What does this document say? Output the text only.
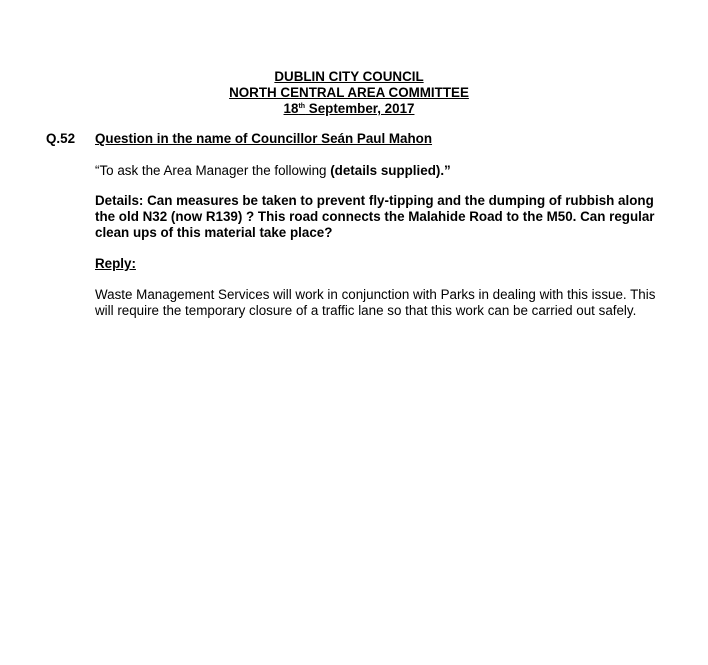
DUBLIN CITY COUNCIL
NORTH CENTRAL AREA COMMITTEE
18th September, 2017
Q.52 Question in the name of Councillor Seán Paul Mahon
“To ask the Area Manager the following (details supplied).”
Details: Can measures be taken to prevent fly-tipping and the dumping of rubbish along the old N32 (now R139) ? This road connects the Malahide Road to the M50. Can regular clean ups of this material take place?
Reply:
Waste Management Services will work in conjunction with Parks in dealing with this issue. This will require the temporary closure of a traffic lane so that this work can be carried out safely.
